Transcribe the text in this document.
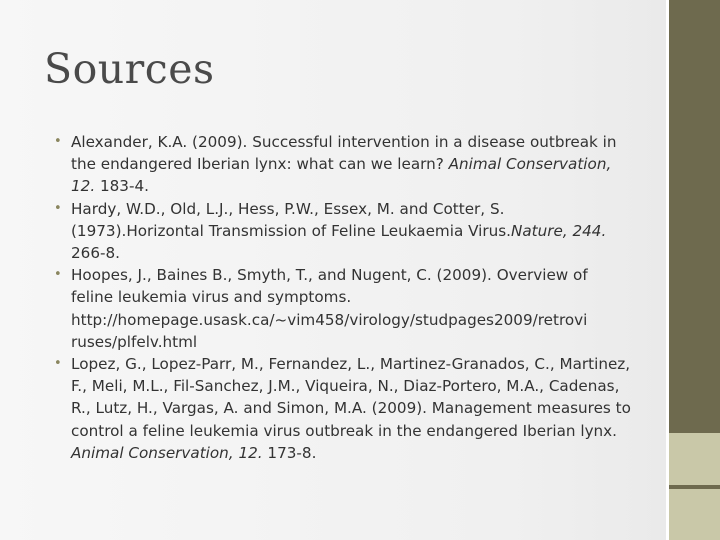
Sources
• Alexander, K.A. (2009). Successful intervention in a disease outbreak in the endangered Iberian lynx: what can we learn? Animal Conservation, 12. 183-4.
• Hardy, W.D., Old, L.J., Hess, P.W., Essex, M. and Cotter, S. (1973).Horizontal Transmission of Feline Leukaemia Virus.Nature, 244. 266-8.
• Hoopes, J., Baines B., Smyth, T., and Nugent, C. (2009). Overview of feline leukemia virus and symptoms. http://homepage.usask.ca/~vim458/virology/studpages2009/retrovi ruses/plfelv.html
• Lopez, G., Lopez-Parr, M., Fernandez, L., Martinez-Granados, C., Martinez, F., Meli, M.L., Fil-Sanchez, J.M., Viqueira, N., Diaz-Portero, M.A., Cadenas, R., Lutz, H., Vargas, A. and Simon, M.A. (2009). Management measures to control a feline leukemia virus outbreak in the endangered Iberian lynx. Animal Conservation, 12. 173-8.
